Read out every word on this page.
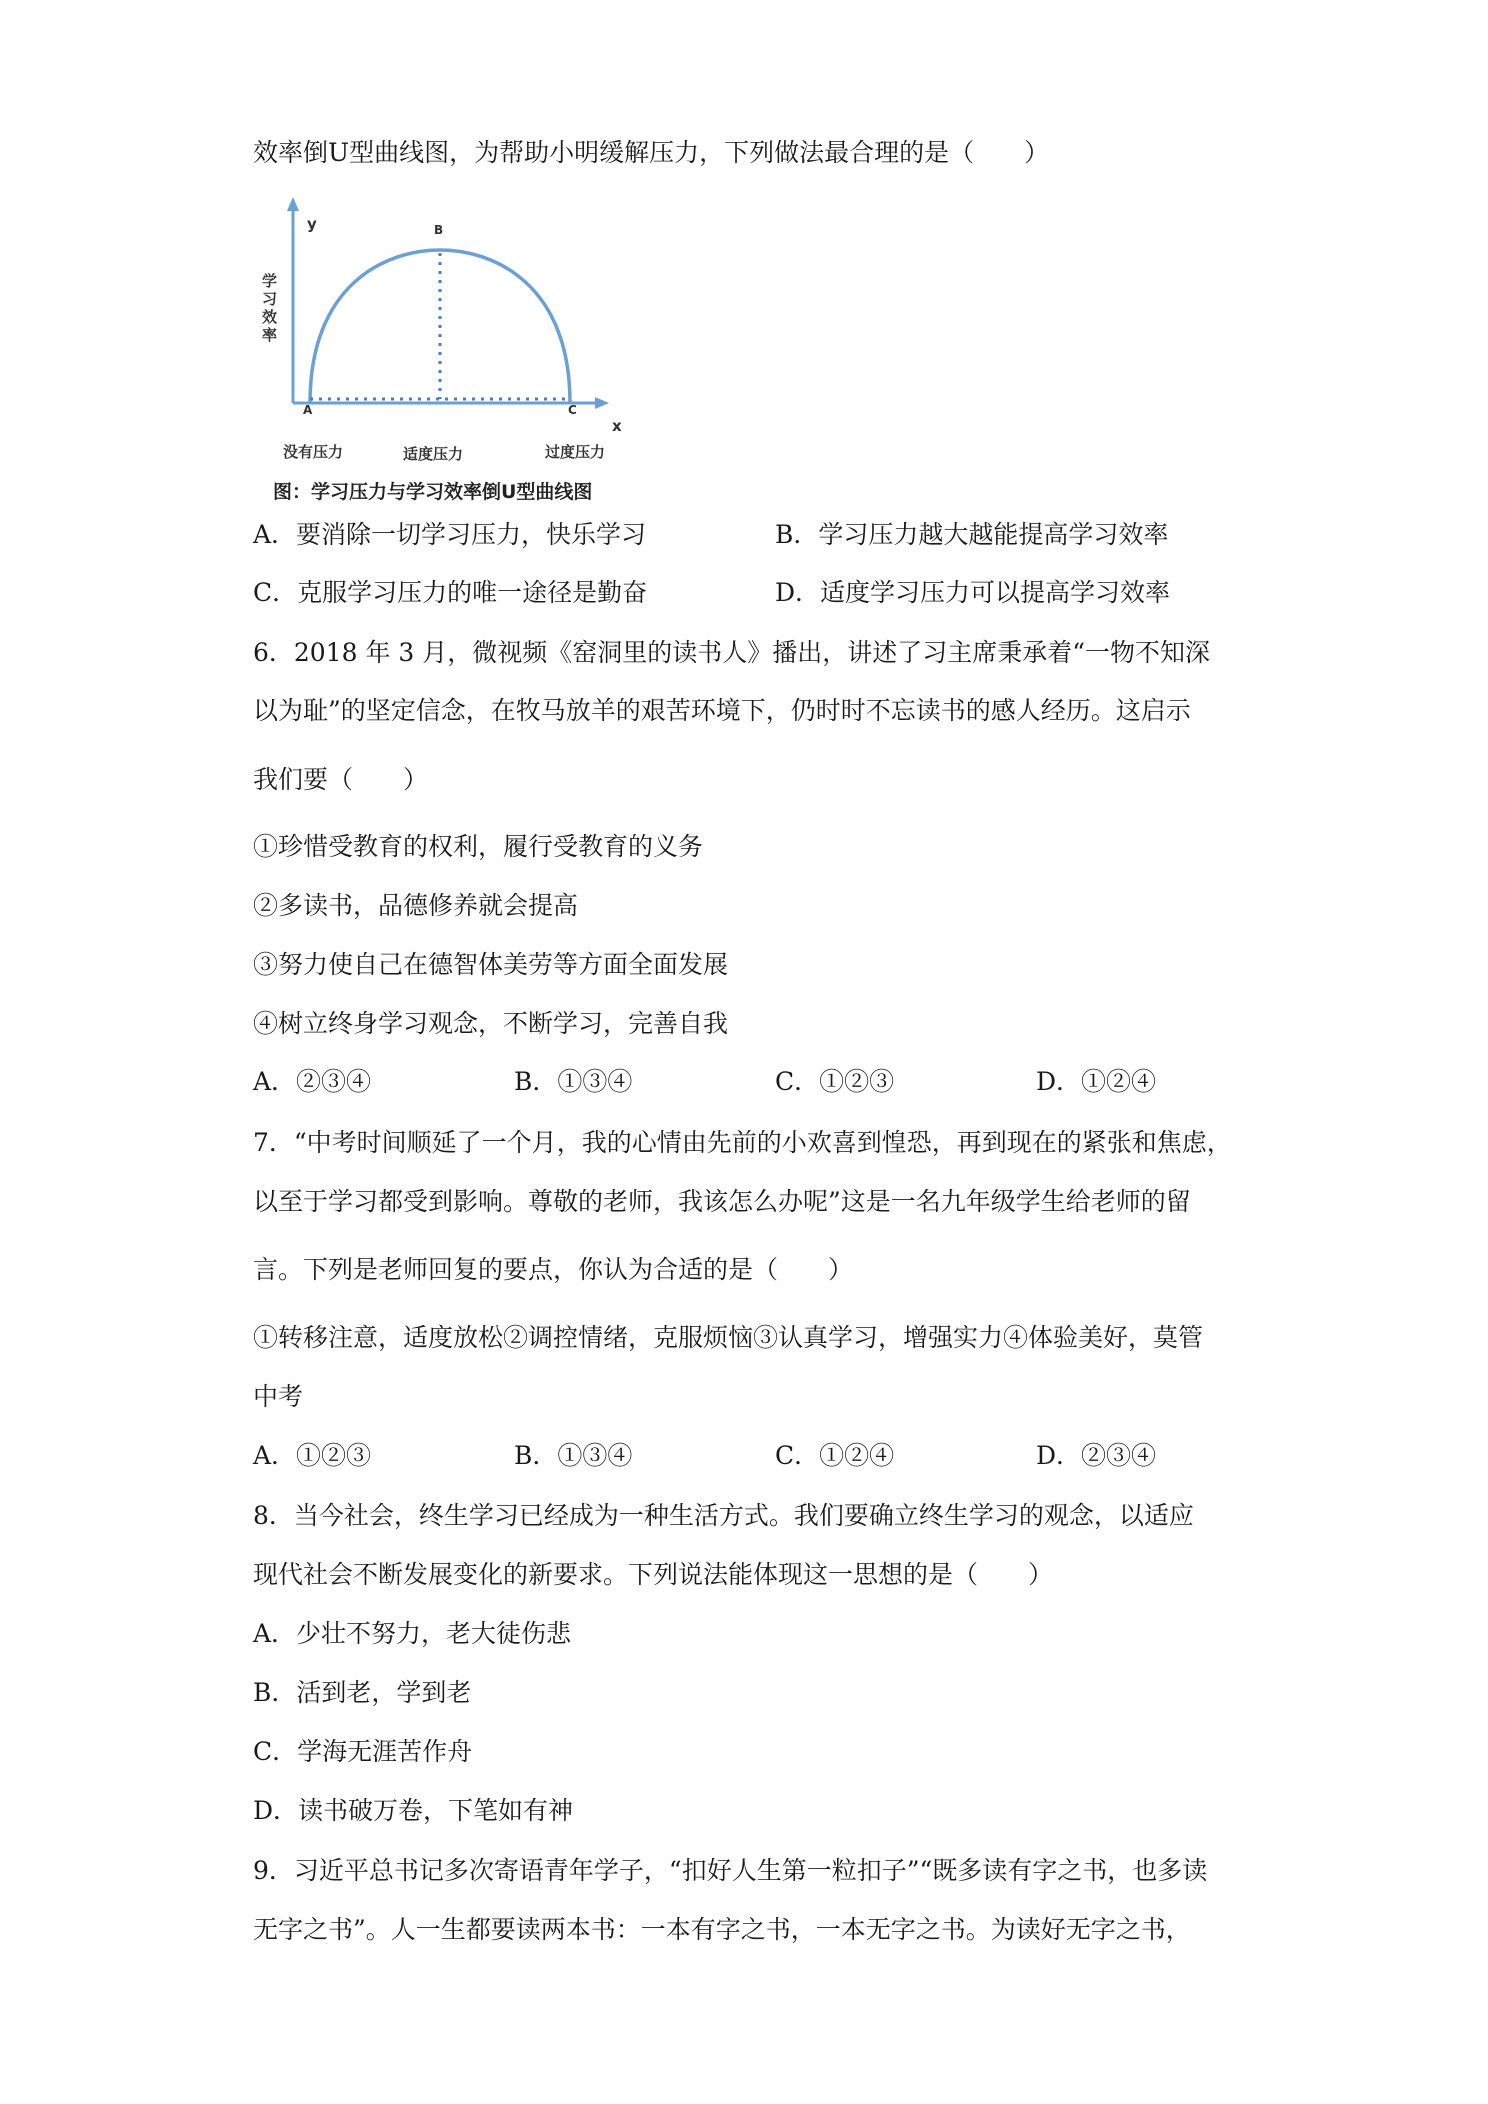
效率倒U型曲线图，为帮助小明缓解压力，下列做法最合理的是（　　）
y
x
学习效率
A
B
C
没有压力	适度压力	过度压力
图：学习压力与学习效率倒U型曲线图
A．要消除一切学习压力，快乐学习	B．学习压力越大越能提高学习效率
C．克服学习压力的唯一途径是勤奋	D．适度学习压力可以提高学习效率
6．2018 年 3 月，微视频《窑洞里的读书人》播出，讲述了习主席秉承着“一物不知深
以为耻”的坚定信念，在牧马放羊的艰苦环境下，仍时时不忘读书的感人经历。这启示
我们要（　　）
①珍惜受教育的权利，履行受教育的义务
②多读书，品德修养就会提高
③努力使自己在德智体美劳等方面全面发展
④树立终身学习观念，不断学习，完善自我
A．②③④	B．①③④	C．①②③	D．①②④
7．“中考时间顺延了一个月，我的心情由先前的小欢喜到惶恐，再到现在的紧张和焦虑，
以至于学习都受到影响。尊敬的老师，我该怎么办呢”这是一名九年级学生给老师的留
言。下列是老师回复的要点，你认为合适的是（　　）
①转移注意，适度放松②调控情绪，克服烦恼③认真学习，增强实力④体验美好，莫管
中考
A．①②③	B．①③④	C．①②④	D．②③④
8．当今社会，终生学习已经成为一种生活方式。我们要确立终生学习的观念，以适应
现代社会不断发展变化的新要求。下列说法能体现这一思想的是（　　）
A．少壮不努力，老大徒伤悲
B．活到老，学到老
C．学海无涯苦作舟
D．读书破万卷，下笔如有神
9．习近平总书记多次寄语青年学子，“扣好人生第一粒扣子”“既多读有字之书，也多读
无字之书”。人一生都要读两本书：一本有字之书，一本无字之书。为读好无字之书，
